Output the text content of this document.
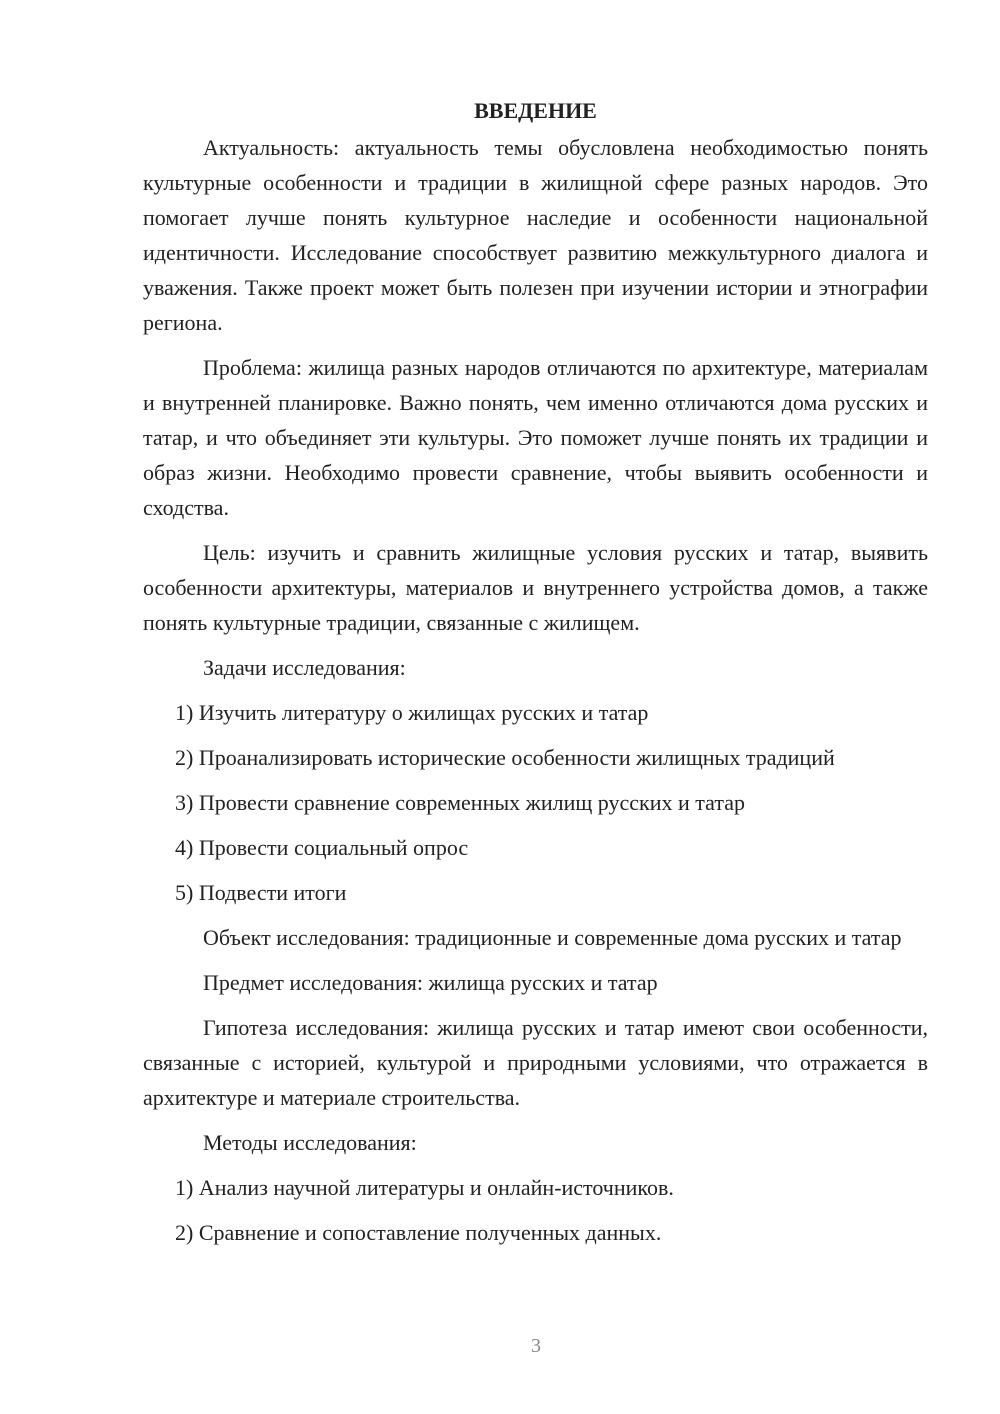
ВВЕДЕНИЕ
Актуальность: актуальность темы обусловлена необходимостью понять культурные особенности и традиции в жилищной сфере разных народов. Это помогает лучше понять культурное наследие и особенности национальной идентичности. Исследование способствует развитию межкультурного диалога и уважения. Также проект может быть полезен при изучении истории и этнографии региона.
Проблема: жилища разных народов отличаются по архитектуре, материалам и внутренней планировке. Важно понять, чем именно отличаются дома русских и татар, и что объединяет эти культуры. Это поможет лучше понять их традиции и образ жизни. Необходимо провести сравнение, чтобы выявить особенности и сходства.
Цель: изучить и сравнить жилищные условия русских и татар, выявить особенности архитектуры, материалов и внутреннего устройства домов, а также понять культурные традиции, связанные с жилищем.
Задачи исследования:
1) Изучить литературу о жилищах русских и татар
2) Проанализировать исторические особенности жилищных традиций
3) Провести сравнение современных жилищ русских и татар
4) Провести социальный опрос
5) Подвести итоги
Объект исследования: традиционные и современные дома русских и татар
Предмет исследования: жилища русских и татар
Гипотеза исследования: жилища русских и татар имеют свои особенности, связанные с историей, культурой и природными условиями, что отражается в архитектуре и материале строительства.
Методы исследования:
1) Анализ научной литературы и онлайн-источников.
2) Сравнение и сопоставление полученных данных.
3
